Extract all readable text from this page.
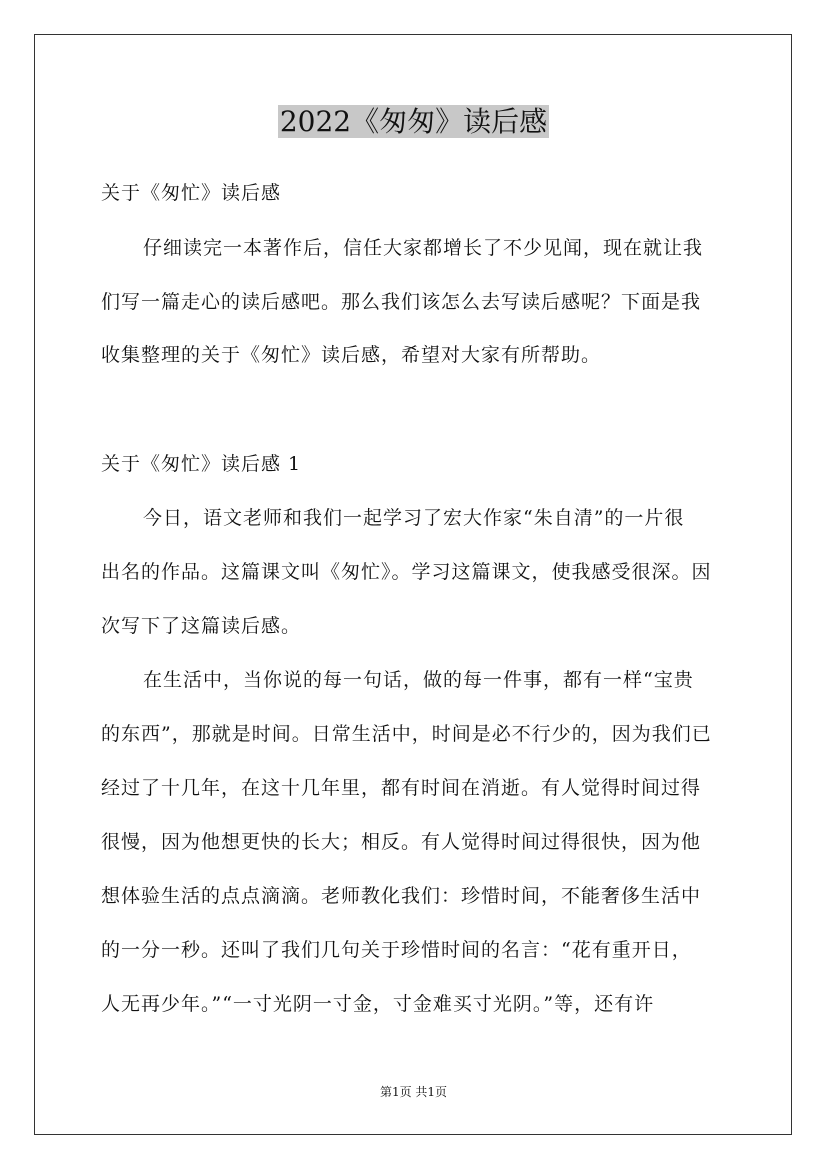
2022《匆匆》读后感
关于《匆忙》读后感
仔细读完一本著作后，信任大家都增长了不少见闻，现在就让我
们写一篇走心的读后感吧。那么我们该怎么去写读后感呢？下面是我
收集整理的关于《匆忙》读后感，希望对大家有所帮助。
关于《匆忙》读后感 1
今日，语文老师和我们一起学习了宏大作家“朱自清”的一片很
出名的作品。这篇课文叫《匆忙》。学习这篇课文，使我感受很深。因
次写下了这篇读后感。
在生活中，当你说的每一句话，做的每一件事，都有一样“宝贵
的东西”，那就是时间。日常生活中，时间是必不行少的，因为我们已
经过了十几年，在这十几年里，都有时间在消逝。有人觉得时间过得
很慢，因为他想更快的长大；相反。有人觉得时间过得很快，因为他
想体验生活的点点滴滴。老师教化我们：珍惜时间，不能奢侈生活中
的一分一秒。还叫了我们几句关于珍惜时间的名言：“花有重开日，
人无再少年。”“一寸光阴一寸金，寸金难买寸光阴。”等，还有许
第1页 共1页
